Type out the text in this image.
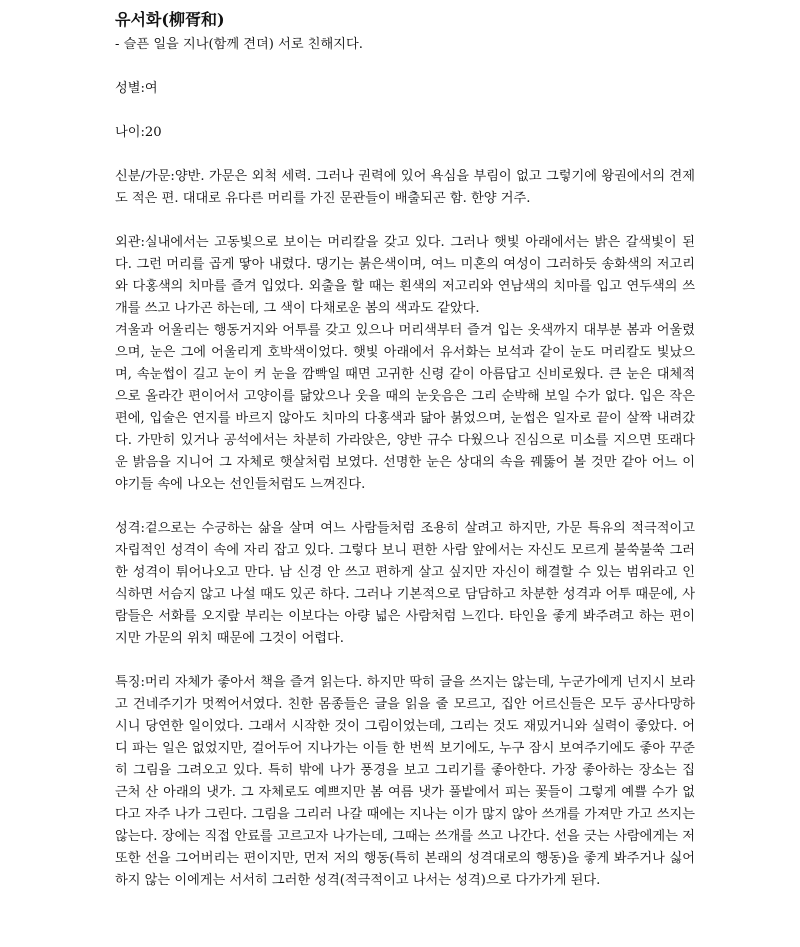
유서화(柳胥和)

- 슬픈 일을 지나(함께 견뎌) 서로 친해지다.

성별:여

나이:20

신분/가문:양반. 가문은 외척 세력. 그러나 권력에 있어 욕심을 부림이 없고 그렇기에 왕권에서의 견제도 적은 편. 대대로 유다른 머리를 가진 문관들이 배출되곤 함. 한양 거주.

외관:실내에서는 고동빛으로 보이는 머리칼을 갖고 있다. 그러나 햇빛 아래에서는 밝은 갈색빛이 된다. 그런 머리를 곱게 땋아 내렸다. 댕기는 붉은색이며, 여느 미혼의 여성이 그러하듯 송화색의 저고리와 다홍색의 치마를 즐겨 입었다. 외출을 할 때는 흰색의 저고리와 연남색의 치마를 입고 연두색의 쓰개를 쓰고 나가곤 하는데, 그 색이 다채로운 봄의 색과도 같았다.

겨울과 어울리는 행동거지와 어투를 갖고 있으나 머리색부터 즐겨 입는 옷색까지 대부분 봄과 어울렸으며, 눈은 그에 어울리게 호박색이었다. 햇빛 아래에서 유서화는 보석과 같이 눈도 머리칼도 빛났으며, 속눈썹이 길고 눈이 커 눈을 깜빡일 때면 고귀한 신령 같이 아름답고 신비로웠다. 큰 눈은 대체적으로 올라간 편이어서 고양이를 닮았으나 웃을 때의 눈웃음은 그리 순박해 보일 수가 없다. 입은 작은 편에, 입술은 연지를 바르지 않아도 치마의 다홍색과 닮아 붉었으며, 눈썹은 일자로 끝이 살짝 내려갔다. 가만히 있거나 공석에서는 차분히 가라앉은, 양반 규수 다웠으나 진심으로 미소를 지으면 또래다운 밝음을 지니어 그 자체로 햇살처럼 보였다. 선명한 눈은 상대의 속을 꿰뚫어 볼 것만 같아 어느 이야기들 속에 나오는 선인들처럼도 느껴진다.

성격:겉으로는 수긍하는 삶을 살며 여느 사람들처럼 조용히 살려고 하지만, 가문 특유의 적극적이고 자립적인 성격이 속에 자리 잡고 있다. 그렇다 보니 편한 사람 앞에서는 자신도 모르게 불쑥불쑥 그러한 성격이 튀어나오고 만다. 남 신경 안 쓰고 편하게 살고 싶지만 자신이 해결할 수 있는 범위라고 인식하면 서슴지 않고 나설 때도 있곤 하다. 그러나 기본적으로 담담하고 차분한 성격과 어투 때문에, 사람들은 서화를 오지랖 부리는 이보다는 아량 넓은 사람처럼 느낀다. 타인을 좋게 봐주려고 하는 편이지만 가문의 위치 때문에 그것이 어렵다.

특징:머리 자체가 좋아서 책을 즐겨 읽는다. 하지만 딱히 글을 쓰지는 않는데, 누군가에게 넌지시 보라고 건네주기가 멋쩍어서였다. 친한 몸종들은 글을 읽을 줄 모르고, 집안 어르신들은 모두 공사다망하시니 당연한 일이었다. 그래서 시작한 것이 그림이었는데, 그리는 것도 재밌거니와 실력이 좋았다. 어디 파는 일은 없었지만, 걸어두어 지나가는 이들 한 번씩 보기에도, 누구 잠시 보여주기에도 좋아 꾸준히 그림을 그려오고 있다. 특히 밖에 나가 풍경을 보고 그리기를 좋아한다. 가장 좋아하는 장소는 집 근처 산 아래의 냇가. 그 자체로도 예쁘지만 봄 여름 냇가 풀밭에서 피는 꽃들이 그렇게 예쁠 수가 없다고 자주 나가 그린다. 그림을 그리러 나갈 때에는 지나는 이가 많지 않아 쓰개를 가져만 가고 쓰지는 않는다. 장에는 직접 안료를 고르고자 나가는데, 그때는 쓰개를 쓰고 나간다. 선을 긋는 사람에게는 저 또한 선을 그어버리는 편이지만, 먼저 저의 행동(특히 본래의 성격대로의 행동)을 좋게 봐주거나 싫어하지 않는 이에게는 서서히 그러한 성격(적극적이고 나서는 성격)으로 다가가게 된다.
